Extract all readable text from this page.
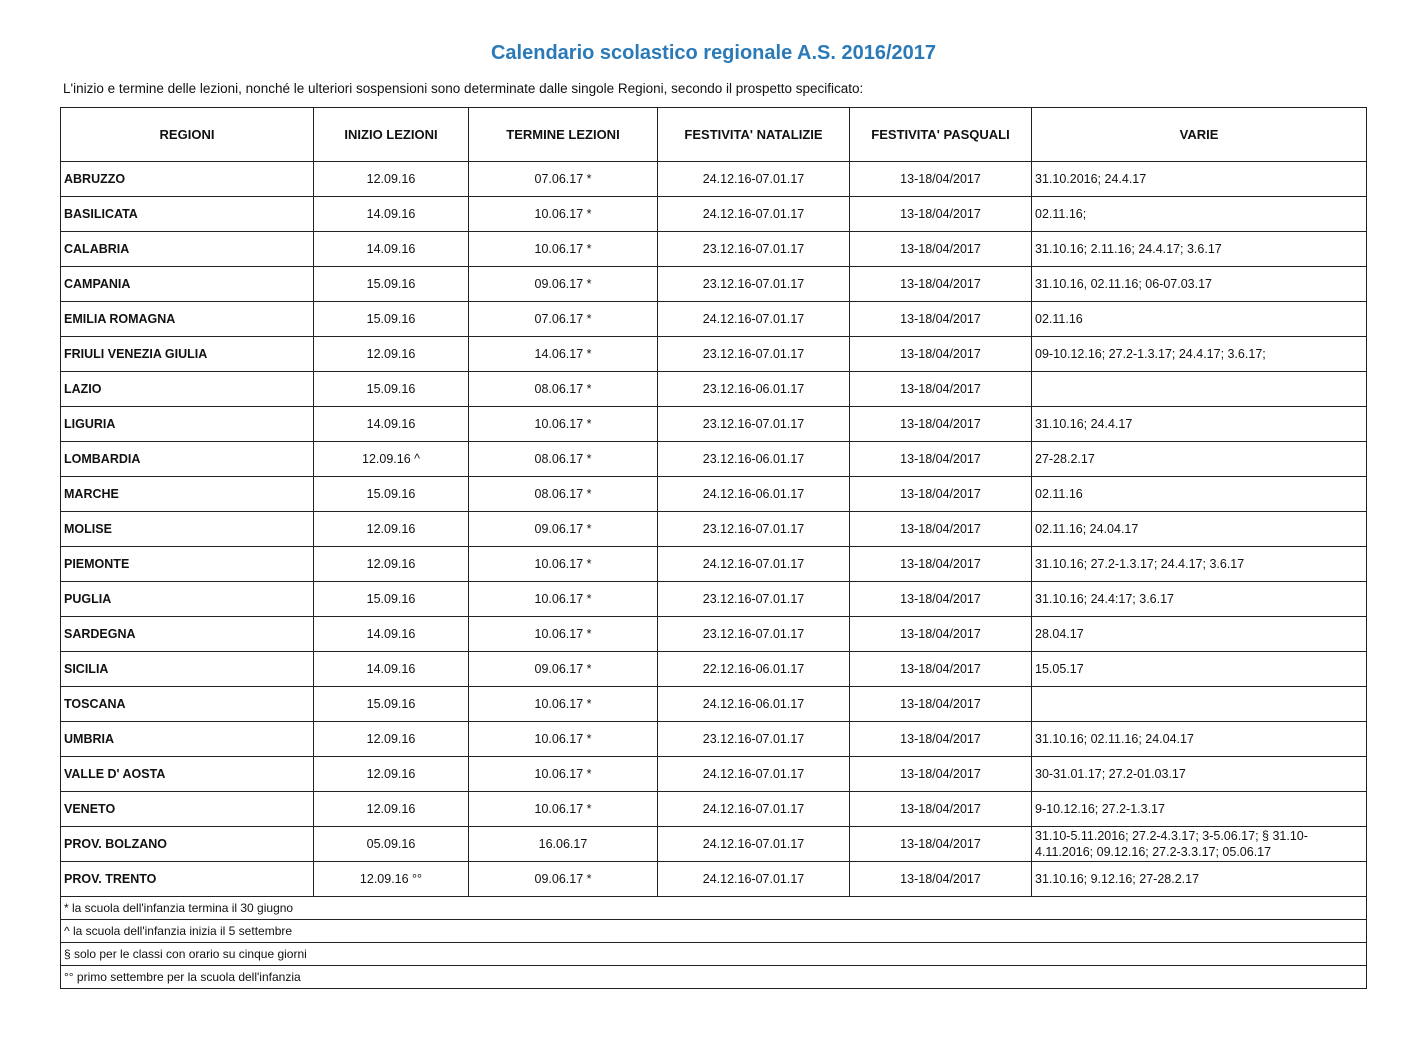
Calendario scolastico regionale A.S. 2016/2017
L'inizio e termine delle lezioni, nonché le ulteriori sospensioni sono determinate dalle singole Regioni, secondo il prospetto specificato:
REGIONI	INIZIO LEZIONI	TERMINE LEZIONI	FESTIVITA' NATALIZIE	FESTIVITA' PASQUALI	VARIE
ABRUZZO	12.09.16	07.06.17 *	24.12.16-07.01.17	13-18/04/2017	31.10.2016; 24.4.17
BASILICATA	14.09.16	10.06.17 *	24.12.16-07.01.17	13-18/04/2017	02.11.16;
CALABRIA	14.09.16	10.06.17 *	23.12.16-07.01.17	13-18/04/2017	31.10.16; 2.11.16; 24.4.17; 3.6.17
CAMPANIA	15.09.16	09.06.17 *	23.12.16-07.01.17	13-18/04/2017	31.10.16, 02.11.16; 06-07.03.17
EMILIA ROMAGNA	15.09.16	07.06.17 *	24.12.16-07.01.17	13-18/04/2017	02.11.16
FRIULI VENEZIA GIULIA	12.09.16	14.06.17 *	23.12.16-07.01.17	13-18/04/2017	09-10.12.16; 27.2-1.3.17; 24.4.17; 3.6.17;
LAZIO	15.09.16	08.06.17 *	23.12.16-06.01.17	13-18/04/2017	
LIGURIA	14.09.16	10.06.17 *	23.12.16-07.01.17	13-18/04/2017	31.10.16; 24.4.17
LOMBARDIA	12.09.16 ^	08.06.17 *	23.12.16-06.01.17	13-18/04/2017	27-28.2.17
MARCHE	15.09.16	08.06.17 *	24.12.16-06.01.17	13-18/04/2017	02.11.16
MOLISE	12.09.16	09.06.17 *	23.12.16-07.01.17	13-18/04/2017	02.11.16; 24.04.17
PIEMONTE	12.09.16	10.06.17 *	24.12.16-07.01.17	13-18/04/2017	31.10.16; 27.2-1.3.17; 24.4.17; 3.6.17
PUGLIA	15.09.16	10.06.17 *	23.12.16-07.01.17	13-18/04/2017	31.10.16; 24.4:17; 3.6.17
SARDEGNA	14.09.16	10.06.17 *	23.12.16-07.01.17	13-18/04/2017	28.04.17
SICILIA	14.09.16	09.06.17 *	22.12.16-06.01.17	13-18/04/2017	15.05.17
TOSCANA	15.09.16	10.06.17 *	24.12.16-06.01.17	13-18/04/2017	
UMBRIA	12.09.16	10.06.17 *	23.12.16-07.01.17	13-18/04/2017	31.10.16; 02.11.16; 24.04.17
VALLE D' AOSTA	12.09.16	10.06.17 *	24.12.16-07.01.17	13-18/04/2017	30-31.01.17; 27.2-01.03.17
VENETO	12.09.16	10.06.17 *	24.12.16-07.01.17	13-18/04/2017	9-10.12.16; 27.2-1.3.17
PROV. BOLZANO	05.09.16	16.06.17	24.12.16-07.01.17	13-18/04/2017	31.10-5.11.2016; 27.2-4.3.17; 3-5.06.17; § 31.10-4.11.2016; 09.12.16; 27.2-3.3.17; 05.06.17
PROV. TRENTO	12.09.16 °°	09.06.17 *	24.12.16-07.01.17	13-18/04/2017	31.10.16; 9.12.16; 27-28.2.17
* la scuola dell'infanzia termina il 30 giugno					
^ la scuola dell'infanzia inizia il 5 settembre					
§ solo per le classi con orario su cinque giorni					
°° primo settembre per la scuola dell'infanzia					
